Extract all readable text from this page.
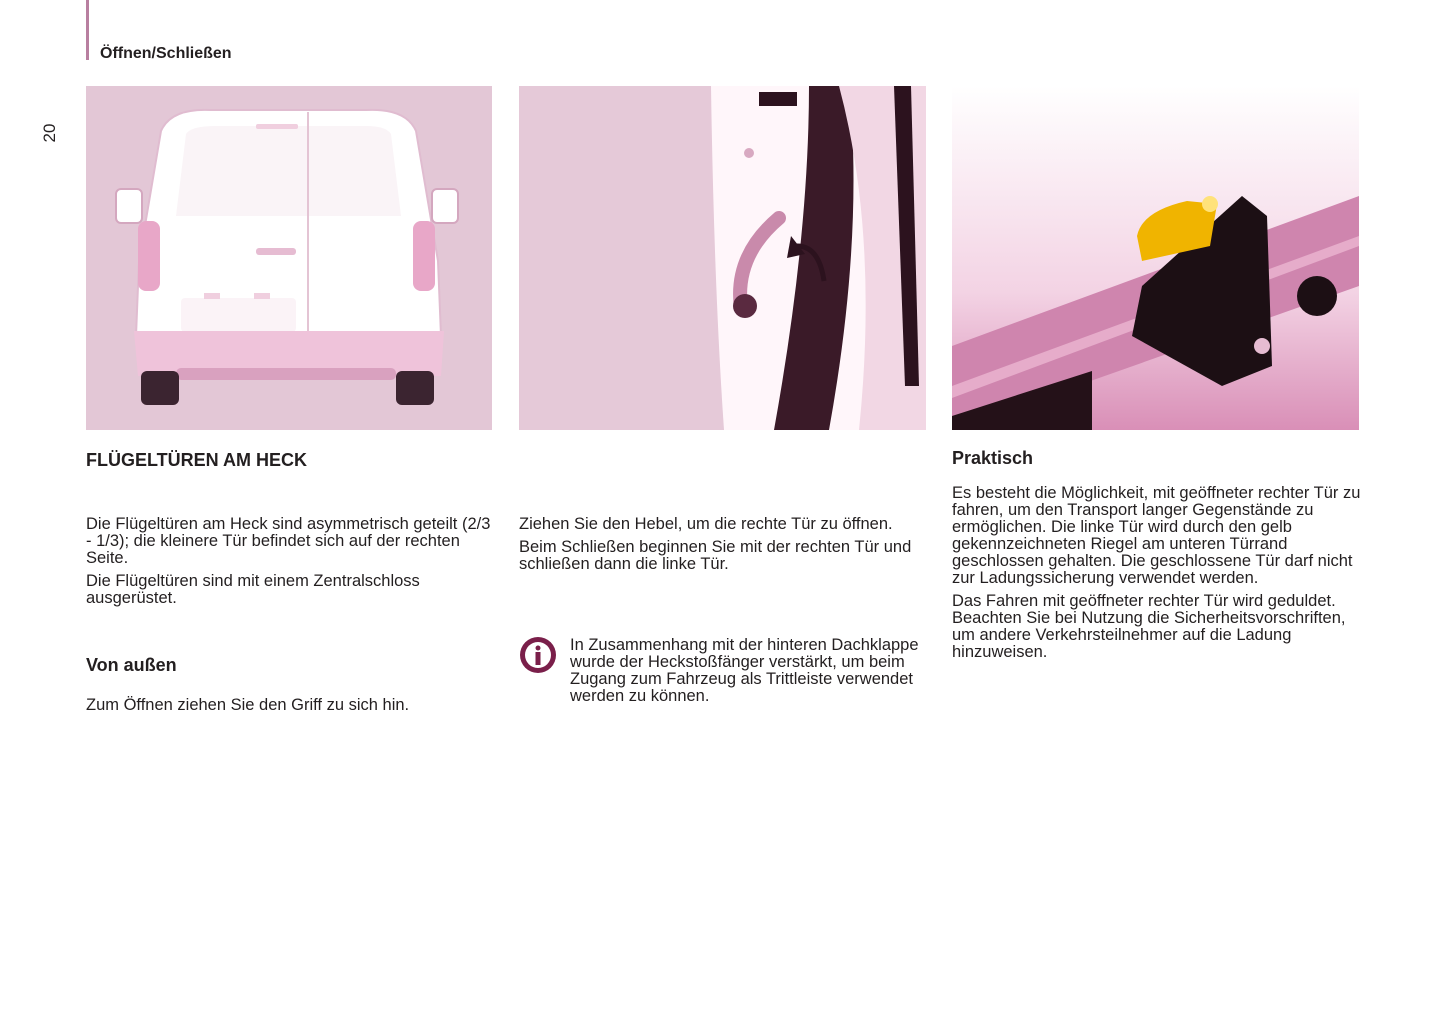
Öffnen/Schließen
20
FLÜGELTÜREN AM HECK

Die Flügeltüren am Heck sind asymmetrisch geteilt (2/3 - 1/3); die kleinere Tür befindet sich auf der rechten Seite.

Die Flügeltüren sind mit einem Zentralschloss ausgerüstet.

Von außen

Zum Öffnen ziehen Sie den Griff zu sich hin.

Ziehen Sie den Hebel, um die rechte Tür zu öffnen.

Beim Schließen beginnen Sie mit der rechten Tür und schließen dann die linke Tür.

In Zusammenhang mit der hinteren Dachklappe wurde der Heckstoßfänger verstärkt, um beim Zugang zum Fahrzeug als Trittleiste verwendet werden zu können.

Praktisch

Es besteht die Möglichkeit, mit geöffneter rechter Tür zu fahren, um den Transport langer Gegenstände zu ermöglichen. Die linke Tür wird durch den gelb gekennzeichneten Riegel am unteren Türrand geschlossen gehalten. Die geschlossene Tür darf nicht zur Ladungssicherung verwendet werden.

Das Fahren mit geöffneter rechter Tür wird geduldet. Beachten Sie bei Nutzung die Sicherheitsvorschriften, um andere Verkehrsteilnehmer auf die Ladung hinzuweisen.
